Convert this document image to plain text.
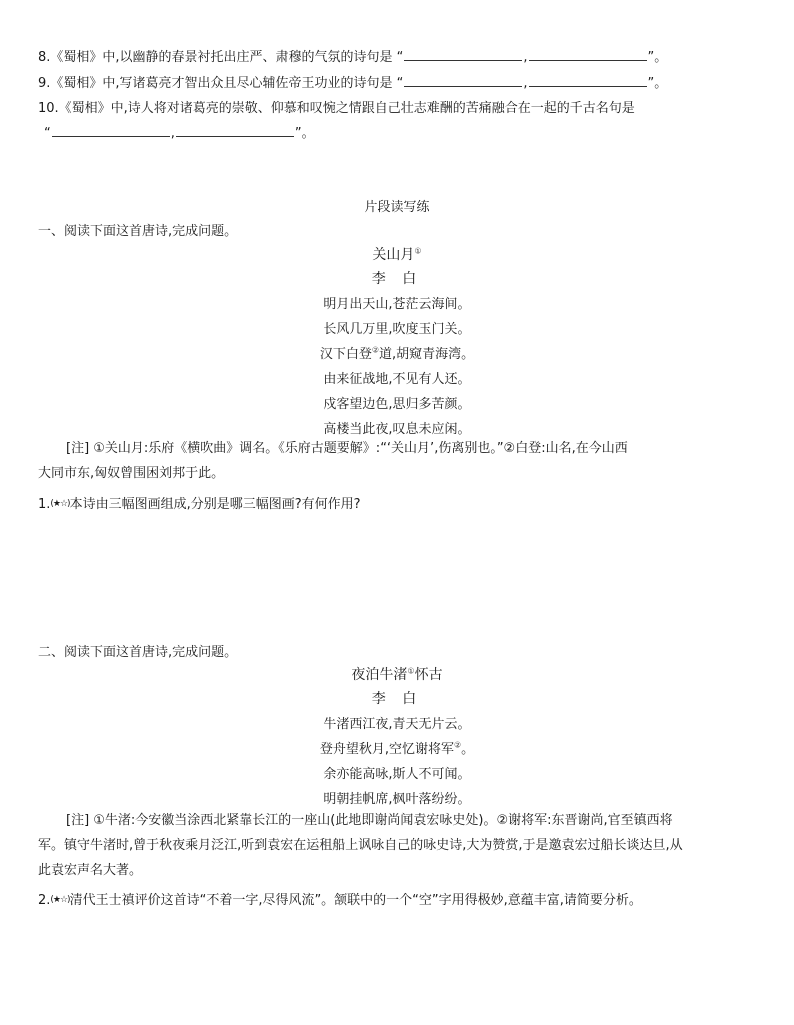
8.《蜀相》中,以幽静的春景衬托出庄严、肃穆的气氛的诗句是 “	,	”。
9.《蜀相》中,写诸葛亮才智出众且尽心辅佐帝王功业的诗句是 “	,	”。
10.《蜀相》中,诗人将对诸葛亮的崇敬、仰慕和叹惋之情跟自己壮志难酬的苦痛融合在一起的千古名句是
“	,	”。
片段读写练
一、阅读下面这首唐诗,完成问题。
关山月①
李 白
明月出天山,苍茫云海间。
长风几万里,吹度玉门关。
汉下白登②道,胡窥青海湾。
由来征战地,不见有人还。
戍客望边色,思归多苦颜。
高楼当此夜,叹息未应闲。
[注] ①关山月:乐府《横吹曲》调名。《乐府古题要解》:“‘关山月’,伤离别也。”②白登:山名,在今山西
大同市东,匈奴曾围困刘邦于此。
1.(★☆)本诗由三幅图画组成,分别是哪三幅图画?有何作用?
二、阅读下面这首唐诗,完成问题。
夜泊牛渚①怀古
李 白
牛渚西江夜,青天无片云。
登舟望秋月,空忆谢将军②。
余亦能高咏,斯人不可闻。
明朝挂帆席,枫叶落纷纷。
[注] ①牛渚:今安徽当涂西北紧靠长江的一座山(此地即谢尚闻袁宏咏史处)。②谢将军:东晋谢尚,官至镇西将
军。镇守牛渚时,曾于秋夜乘月泛江,听到袁宏在运租船上讽咏自己的咏史诗,大为赞赏,于是邀袁宏过船长谈达旦,从
此袁宏声名大著。
2.(★☆)清代王士禛评价这首诗“不着一字,尽得风流”。颔联中的一个“空”字用得极妙,意蕴丰富,请简要分析。
